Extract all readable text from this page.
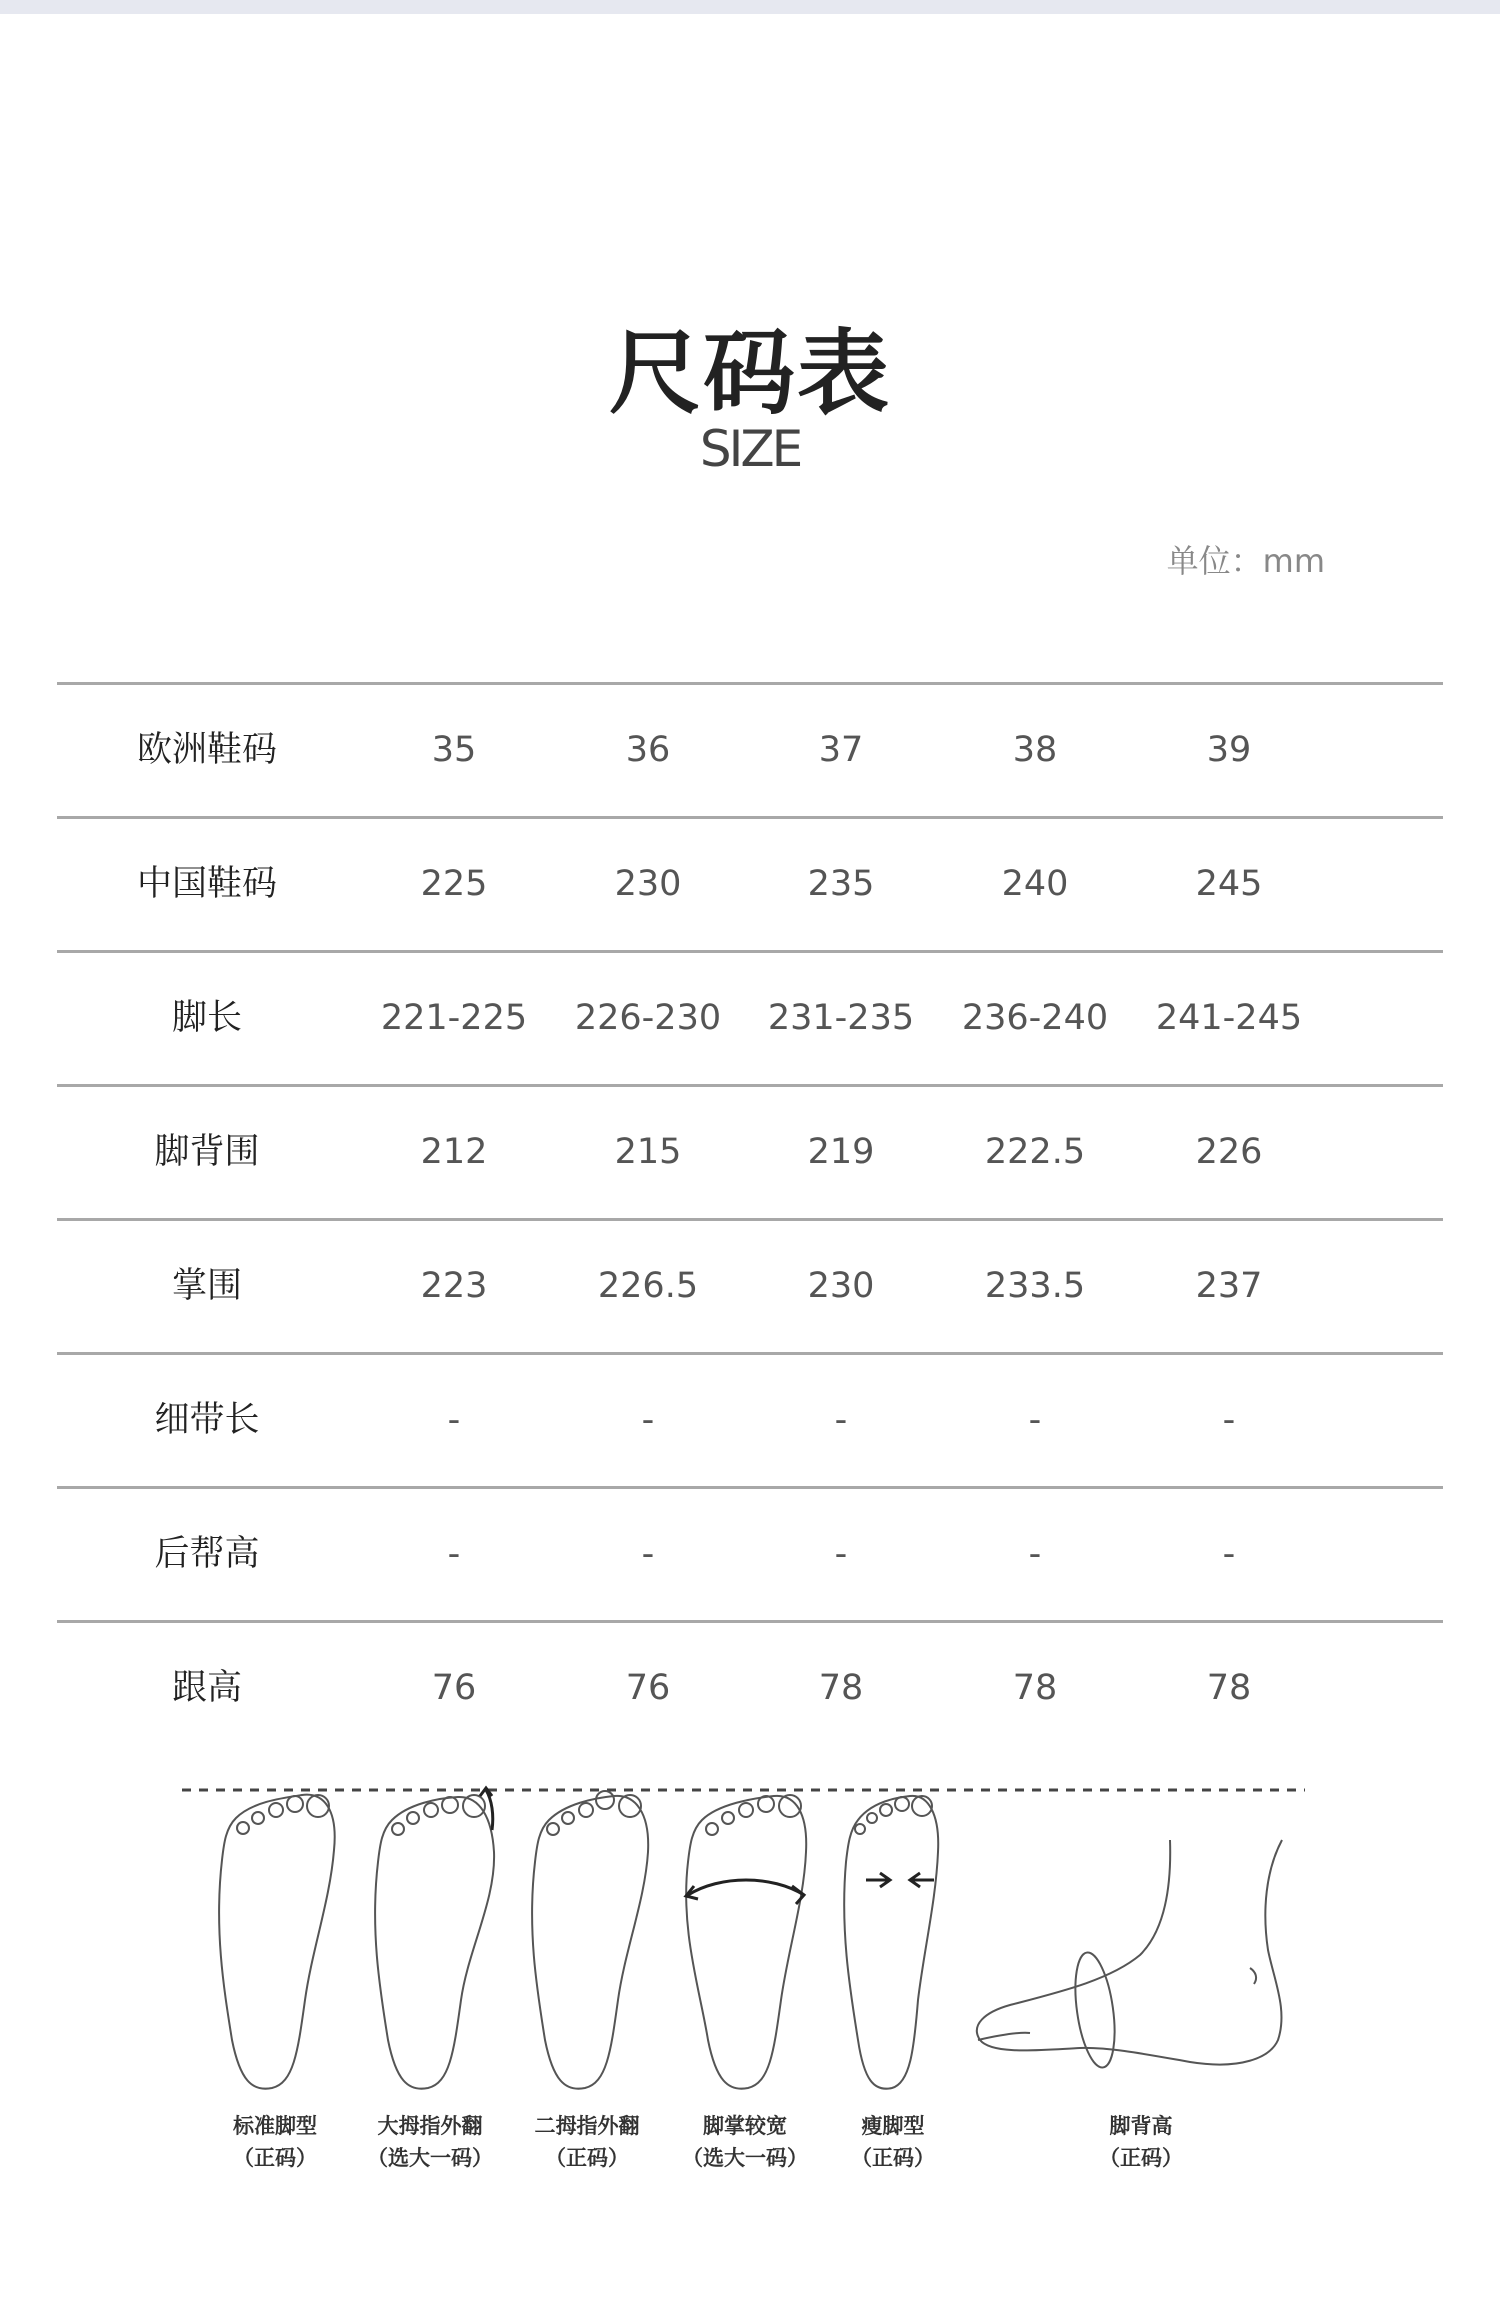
尺码表
SIZE
单位：mm
欧洲鞋码	35	36	37	38	39
中国鞋码	225	230	235	240	245
脚长	221-225	226-230	231-235	236-240	241-245
脚背围	212	215	219	222.5	226
掌围	223	226.5	230	233.5	237
细带长	-	-	-	-	-
后帮高	-	-	-	-	-
跟高	76	76	78	78	78
标准脚型
（正码）
大拇指外翻
（选大一码）
二拇指外翻
（正码）
脚掌较宽
（选大一码）
瘦脚型
（正码）
脚背高
（正码）
